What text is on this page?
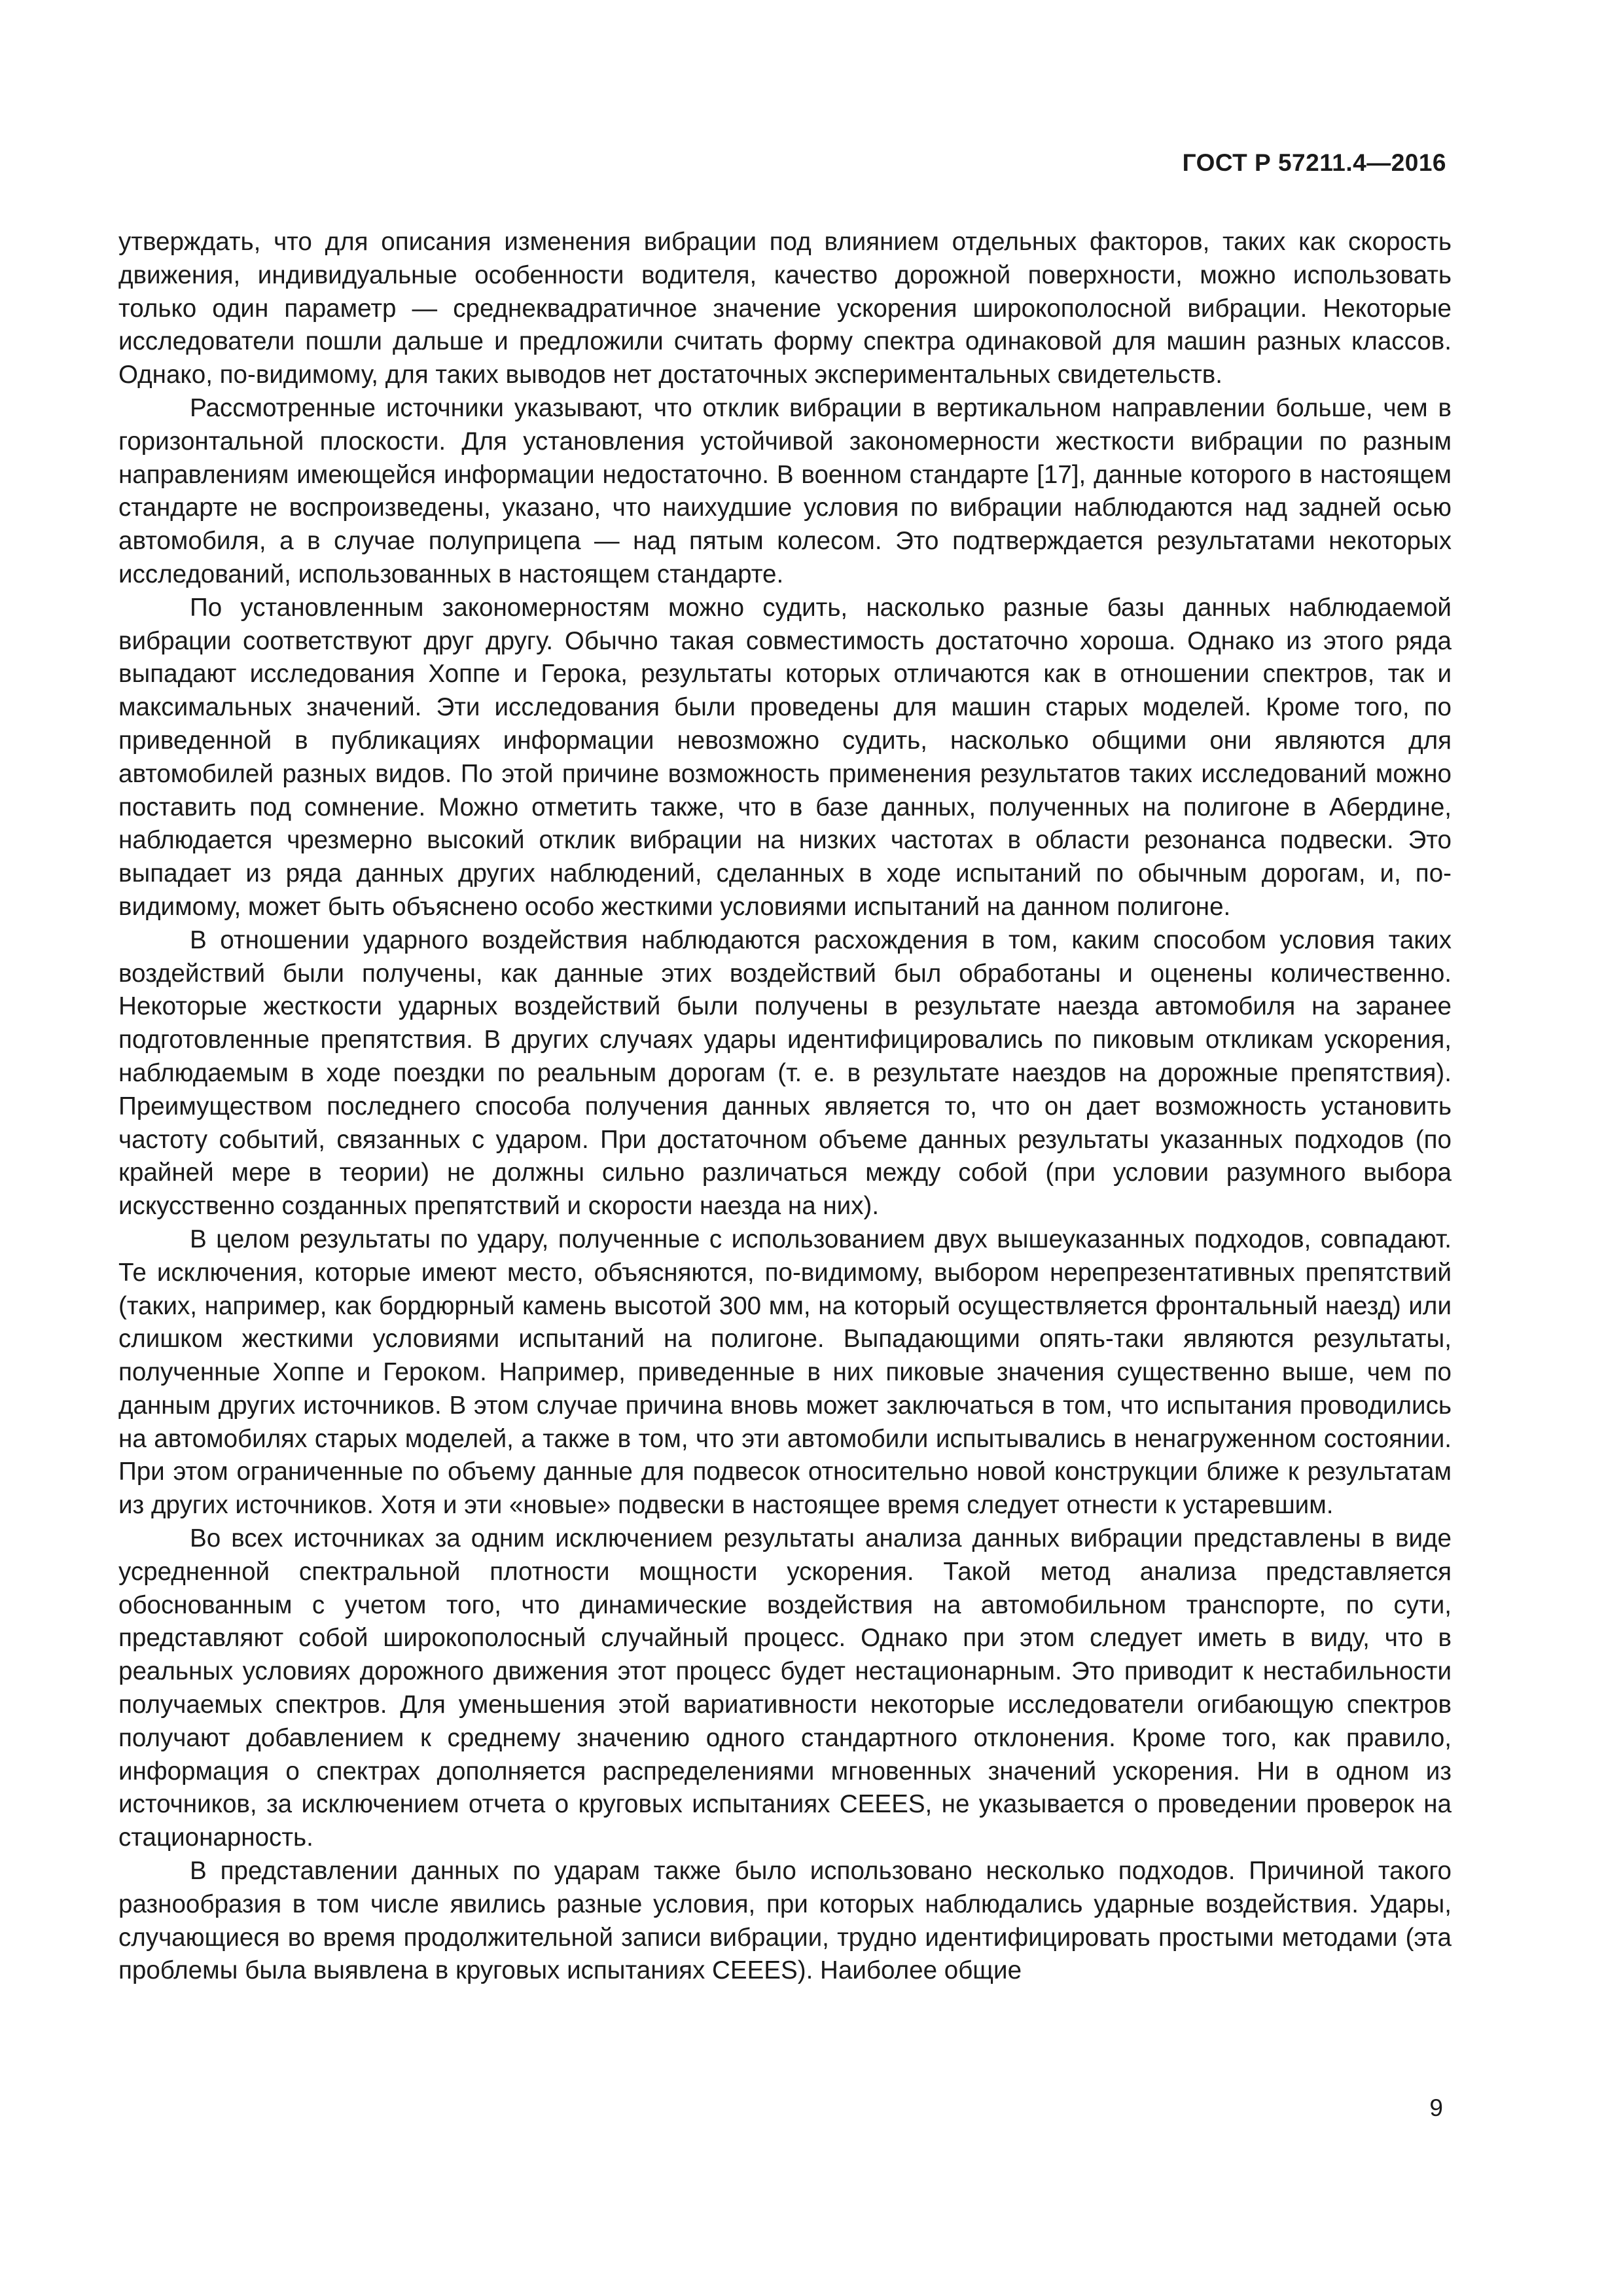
ГОСТ Р 57211.4—2016

утверждать, что для описания изменения вибрации под влиянием отдельных факторов, таких как скорость движения, индивидуальные особенности водителя, качество дорожной поверхности, можно использовать только один параметр — среднеквадратичное значение ускорения широкополосной вибрации. Некоторые исследователи пошли дальше и предложили считать форму спектра одинаковой для машин разных классов. Однако, по-видимому, для таких выводов нет достаточных экспериментальных свидетельств.

Рассмотренные источники указывают, что отклик вибрации в вертикальном направлении больше, чем в горизонтальной плоскости. Для установления устойчивой закономерности жесткости вибрации по разным направлениям имеющейся информации недостаточно. В военном стандарте [17], данные которого в настоящем стандарте не воспроизведены, указано, что наихудшие условия по вибрации наблюдаются над задней осью автомобиля, а в случае полуприцепа — над пятым колесом. Это подтверждается результатами некоторых исследований, использованных в настоящем стандарте.

По установленным закономерностям можно судить, насколько разные базы данных наблюдаемой вибрации соответствуют друг другу. Обычно такая совместимость достаточно хороша. Однако из этого ряда выпадают исследования Хоппе и Герока, результаты которых отличаются как в отношении спектров, так и максимальных значений. Эти исследования были проведены для машин старых моделей. Кроме того, по приведенной в публикациях информации невозможно судить, насколько общими они являются для автомобилей разных видов. По этой причине возможность применения результатов таких исследований можно поставить под сомнение. Можно отметить также, что в базе данных, полученных на полигоне в Абердине, наблюдается чрезмерно высокий отклик вибрации на низких частотах в области резонанса подвески. Это выпадает из ряда данных других наблюдений, сделанных в ходе испытаний по обычным дорогам, и, по-видимому, может быть объяснено особо жесткими условиями испытаний на данном полигоне.

В отношении ударного воздействия наблюдаются расхождения в том, каким способом условия таких воздействий были получены, как данные этих воздействий был обработаны и оценены количественно. Некоторые жесткости ударных воздействий были получены в результате наезда автомобиля на заранее подготовленные препятствия. В других случаях удары идентифицировались по пиковым откликам ускорения, наблюдаемым в ходе поездки по реальным дорогам (т. е. в результате наездов на дорожные препятствия). Преимуществом последнего способа получения данных является то, что он дает возможность установить частоту событий, связанных с ударом. При достаточном объеме данных результаты указанных подходов (по крайней мере в теории) не должны сильно различаться между собой (при условии разумного выбора искусственно созданных препятствий и скорости наезда на них).

В целом результаты по удару, полученные с использованием двух вышеуказанных подходов, совпадают. Те исключения, которые имеют место, объясняются, по-видимому, выбором нерепрезентативных препятствий (таких, например, как бордюрный камень высотой 300 мм, на который осуществляется фронтальный наезд) или слишком жесткими условиями испытаний на полигоне. Выпадающими опять-таки являются результаты, полученные Хоппе и Героком. Например, приведенные в них пиковые значения существенно выше, чем по данным других источников. В этом случае причина вновь может заключаться в том, что испытания проводились на автомобилях старых моделей, а также в том, что эти автомобили испытывались в ненагруженном состоянии. При этом ограниченные по объему данные для подвесок относительно новой конструкции ближе к результатам из других источников. Хотя и эти «новые» подвески в настоящее время следует отнести к устаревшим.

Во всех источниках за одним исключением результаты анализа данных вибрации представлены в виде усредненной спектральной плотности мощности ускорения. Такой метод анализа представляется обоснованным с учетом того, что динамические воздействия на автомобильном транспорте, по сути, представляют собой широкополосный случайный процесс. Однако при этом следует иметь в виду, что в реальных условиях дорожного движения этот процесс будет нестационарным. Это приводит к нестабильности получаемых спектров. Для уменьшения этой вариативности некоторые исследователи огибающую спектров получают добавлением к среднему значению одного стандартного отклонения. Кроме того, как правило, информация о спектрах дополняется распределениями мгновенных значений ускорения. Ни в одном из источников, за исключением отчета о круговых испытаниях CEEES, не указывается о проведении проверок на стационарность.

В представлении данных по ударам также было использовано несколько подходов. Причиной такого разнообразия в том числе явились разные условия, при которых наблюдались ударные воздействия. Удары, случающиеся во время продолжительной записи вибрации, трудно идентифицировать простыми методами (эта проблемы была выявлена в круговых испытаниях CEEES). Наиболее общие

9
